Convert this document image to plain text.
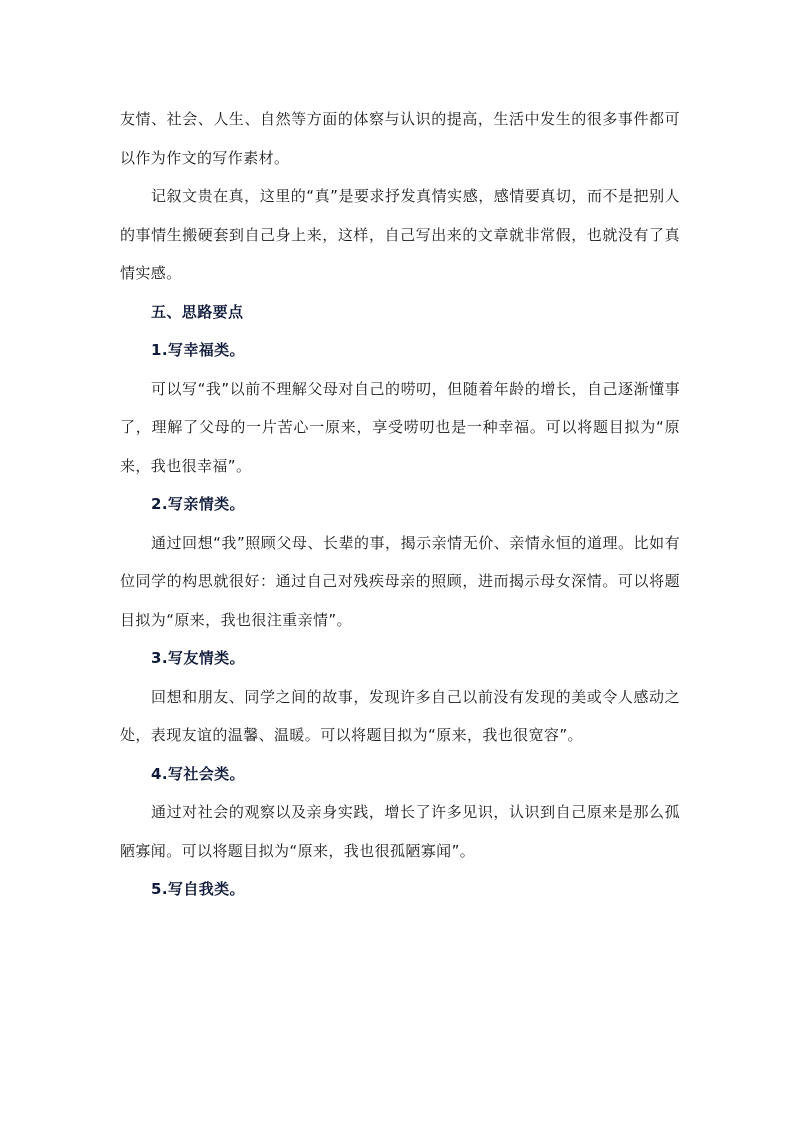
友情、社会、人生、自然等方面的体察与认识的提高，生活中发生的很多事件都可以作为作文的写作素材。

记叙文贵在真，这里的“真”是要求抒发真情实感，感情要真切，而不是把别人的事情生搬硬套到自己身上来，这样，自己写出来的文章就非常假，也就没有了真情实感。

五、思路要点

1.写幸福类。

可以写“我”以前不理解父母对自己的唠叨，但随着年龄的增长，自己逐渐懂事了，理解了父母的一片苦心一原来，享受唠叨也是一种幸福。可以将题目拟为“原来，我也很幸福”。

2.写亲情类。

通过回想“我”照顾父母、长辈的事，揭示亲情无价、亲情永恒的道理。比如有位同学的构思就很好：通过自己对残疾母亲的照顾，进而揭示母女深情。可以将题目拟为“原来，我也很注重亲情”。

3.写友情类。

回想和朋友、同学之间的故事，发现许多自己以前没有发现的美或令人感动之处，表现友谊的温馨、温暖。可以将题目拟为“原来，我也很宽容”。

4.写社会类。

通过对社会的观察以及亲身实践，增长了许多见识，认识到自己原来是那么孤陋寡闻。可以将题目拟为“原来，我也很孤陋寡闻”。

5.写自我类。
